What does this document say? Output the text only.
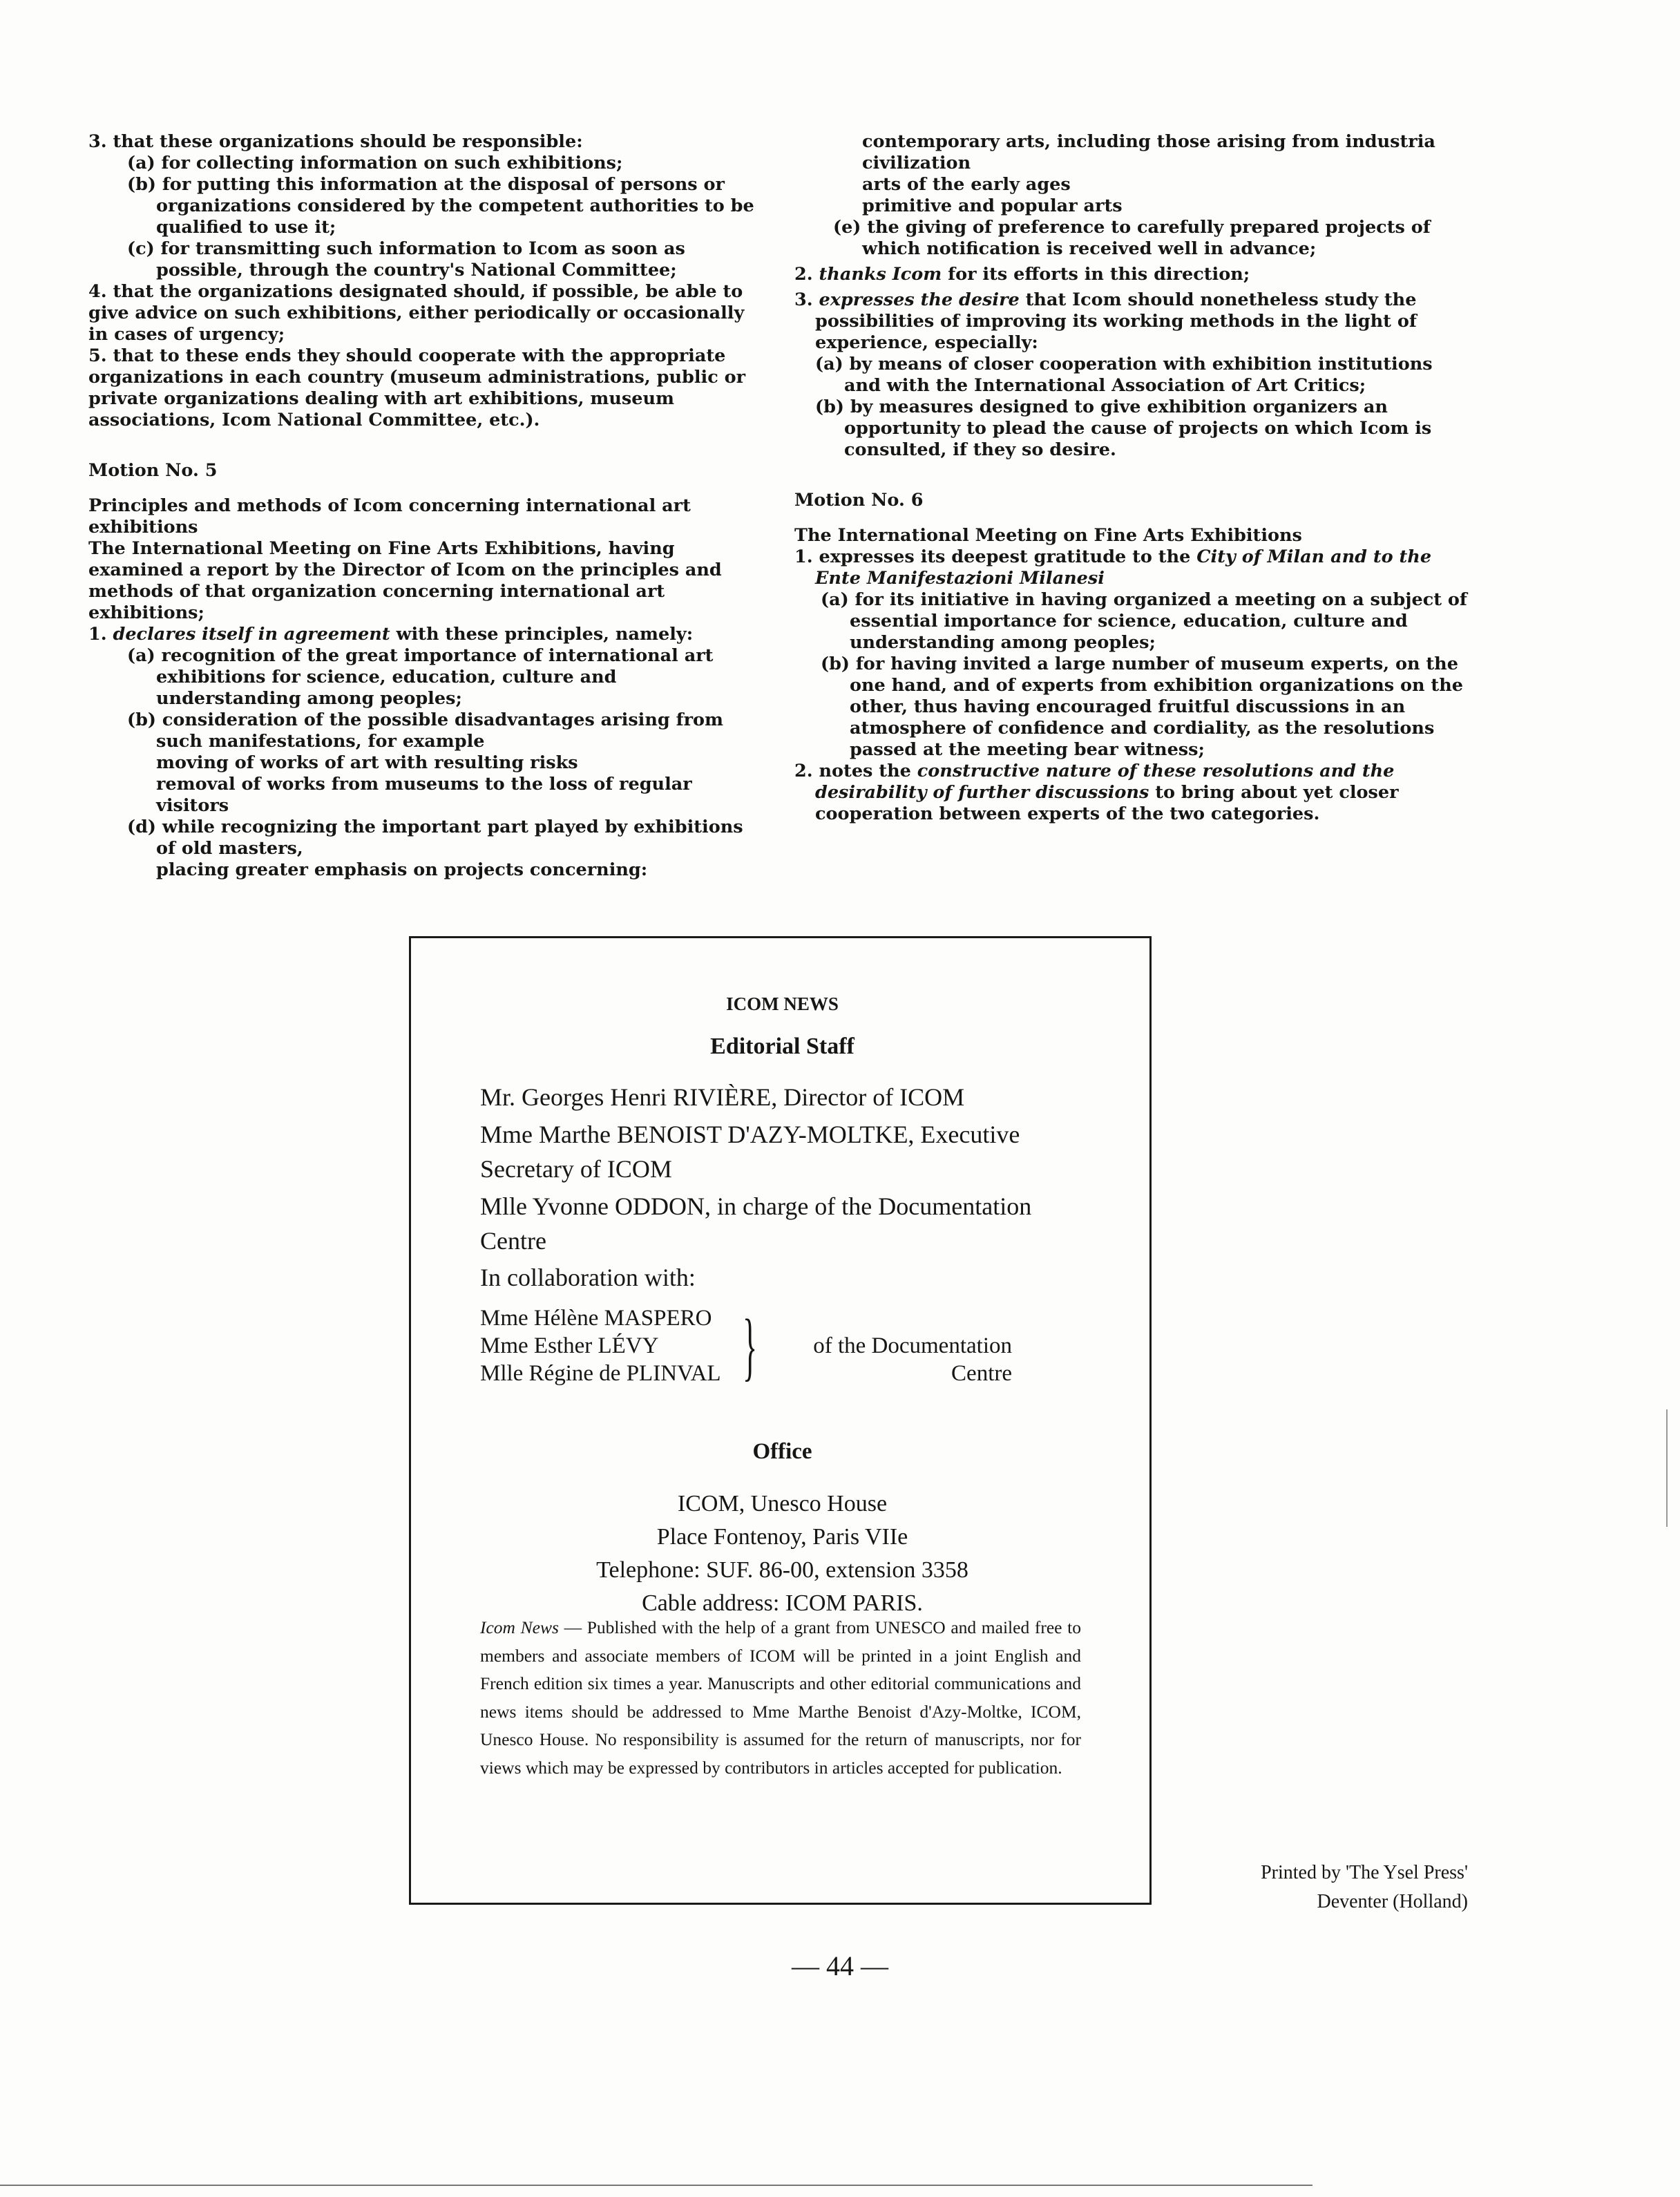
3. that these organizations should be responsible:

(a) for collecting information on such exhibitions;

(b) for putting this information at the disposal of persons or organizations considered by the competent authorities to be qualified to use it;

(c) for transmitting such information to Icom as soon as possible, through the country's National Committee;

4. that the organizations designated should, if possible, be able to give advice on such exhibitions, either periodically or occasionally in cases of urgency;

5. that to these ends they should cooperate with the appropriate organizations in each country (museum administrations, public or private organizations dealing with art exhibitions, museum associations, Icom National Committee, etc.).

Motion No. 5

Principles and methods of Icom concerning international art exhibitions

The International Meeting on Fine Arts Exhibitions, having examined a report by the Director of Icom on the principles and methods of that organization concerning international art exhibitions;

1. declares itself in agreement with these principles, namely:

(a) recognition of the great importance of international art exhibitions for science, education, culture and understanding among peoples;

(b) consideration of the possible disadvantages arising from such manifestations, for example

moving of works of art with resulting risks

removal of works from museums to the loss of regular visitors

(d) while recognizing the important part played by exhibitions of old masters,

placing greater emphasis on projects concerning:

contemporary arts, including those arising from industria civilization

arts of the early ages

primitive and popular arts

(e) the giving of preference to carefully prepared projects of which notification is received well in advance;

2. thanks Icom for its efforts in this direction;

3. expresses the desire that Icom should nonetheless study the possibilities of improving its working methods in the light of experience, especially:

(a) by means of closer cooperation with exhibition institutions and with the International Association of Art Critics;

(b) by measures designed to give exhibition organizers an opportunity to plead the cause of projects on which Icom is consulted, if they so desire.

Motion No. 6

The International Meeting on Fine Arts Exhibitions

1. expresses its deepest gratitude to the City of Milan and to the Ente Manifestazioni Milanesi

(a) for its initiative in having organized a meeting on a subject of essential importance for science, education, culture and understanding among peoples;

(b) for having invited a large number of museum experts, on the one hand, and of experts from exhibition organizations on the other, thus having encouraged fruitful discussions in an atmosphere of confidence and cordiality, as the resolutions passed at the meeting bear witness;

2. notes the constructive nature of these resolutions and the desirability of further discussions to bring about yet closer cooperation between experts of the two categories.

ICOM NEWS
Editorial Staff

Mr. Georges Henri RIVIÈRE, Director of ICOM

Mme Marthe BENOIST D'AZY-MOLTKE, Executive Secretary of ICOM

Mlle Yvonne ODDON, in charge of the Documentation Centre

In collaboration with:

Mme Hélène MASPERO

Mme Esther LÉVY

Mlle Régine de PLINVAL } of the Documentation Centre
Office

ICOM, Unesco House

Place Fontenoy, Paris VIIe

Telephone: SUF. 86-00, extension 3358

Cable address: ICOM PARIS.

Icom News — Published with the help of a grant from UNESCO and mailed free to members and associate members of ICOM will be printed in a joint English and French edition six times a year. Manuscripts and other editorial communications and news items should be addressed to Mme Marthe Benoist d'Azy-Moltke, ICOM, Unesco House. No responsibility is assumed for the return of manuscripts, nor for views which may be expressed by contributors in articles accepted for publication.
Printed by 'The Ysel Press'
Deventer (Holland)
— 44 —
